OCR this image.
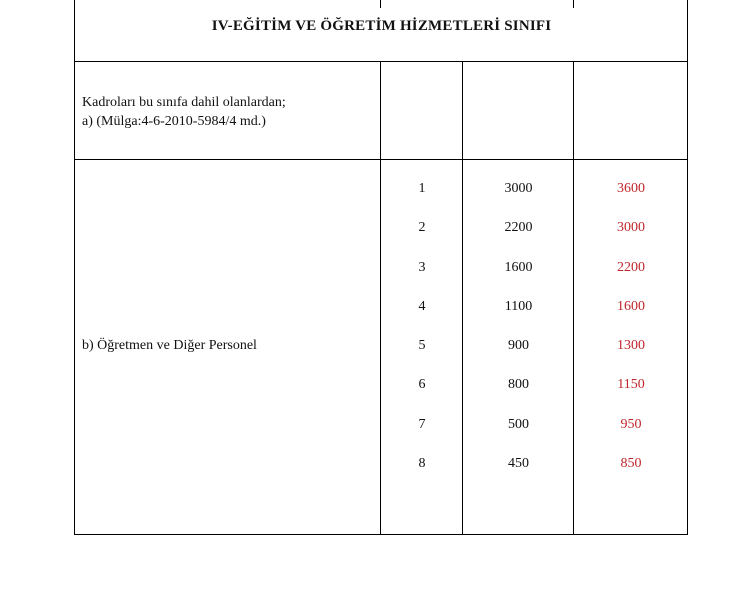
IV-EĞİTİM VE ÖĞRETİM HİZMETLERİ SINIFI
Kadroları bu sınıfa dahil olanlardan;
a) (Mülga:4-6-2010-5984/4 md.)
b) Öğretmen ve Diğer Personel
1	3000	3600
2	2200	3000
3	1600	2200
4	1100	1600
5	900	1300
6	800	1150
7	500	950
8	450	850
